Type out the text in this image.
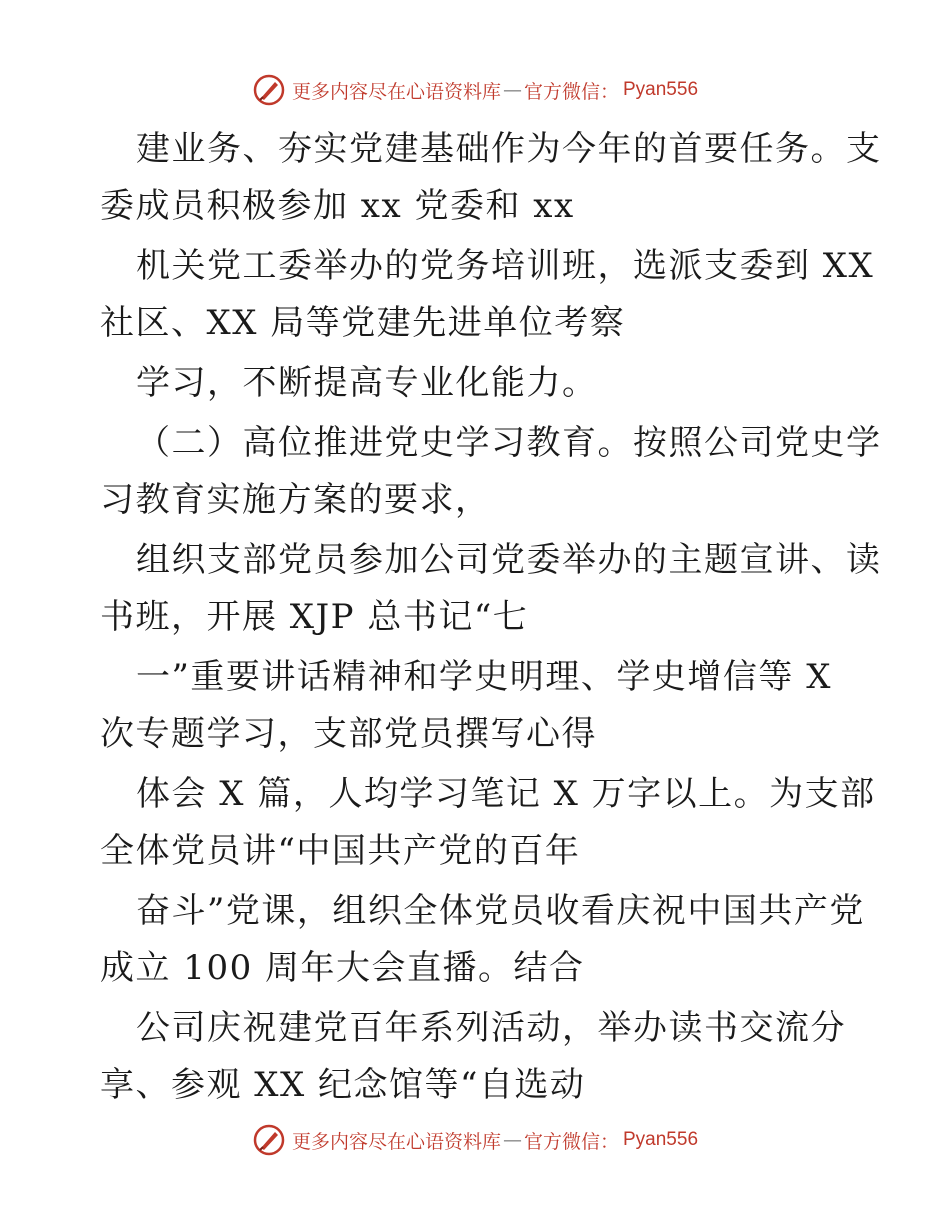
更多内容尽在心语资料库 — 官方微信： Pyan556
建业务、夯实党建基础作为今年的首要任务。支
委成员积极参加 xx 党委和 xx
机关党工委举办的党务培训班，选派支委到 XX
社区、XX 局等党建先进单位考察
学习，不断提高专业化能力。
（二）高位推进党史学习教育。按照公司党史学
习教育实施方案的要求，
组织支部党员参加公司党委举办的主题宣讲、读
书班，开展 XJP 总书记“七
一”重要讲话精神和学史明理、学史增信等 X
次专题学习，支部党员撰写心得
体会 X 篇，人均学习笔记 X 万字以上。为支部
全体党员讲“中国共产党的百年
奋斗”党课，组织全体党员收看庆祝中国共产党
成立 100 周年大会直播。结合
公司庆祝建党百年系列活动，举办读书交流分
享、参观 XX 纪念馆等“自选动
更多内容尽在心语资料库 — 官方微信： Pyan556
